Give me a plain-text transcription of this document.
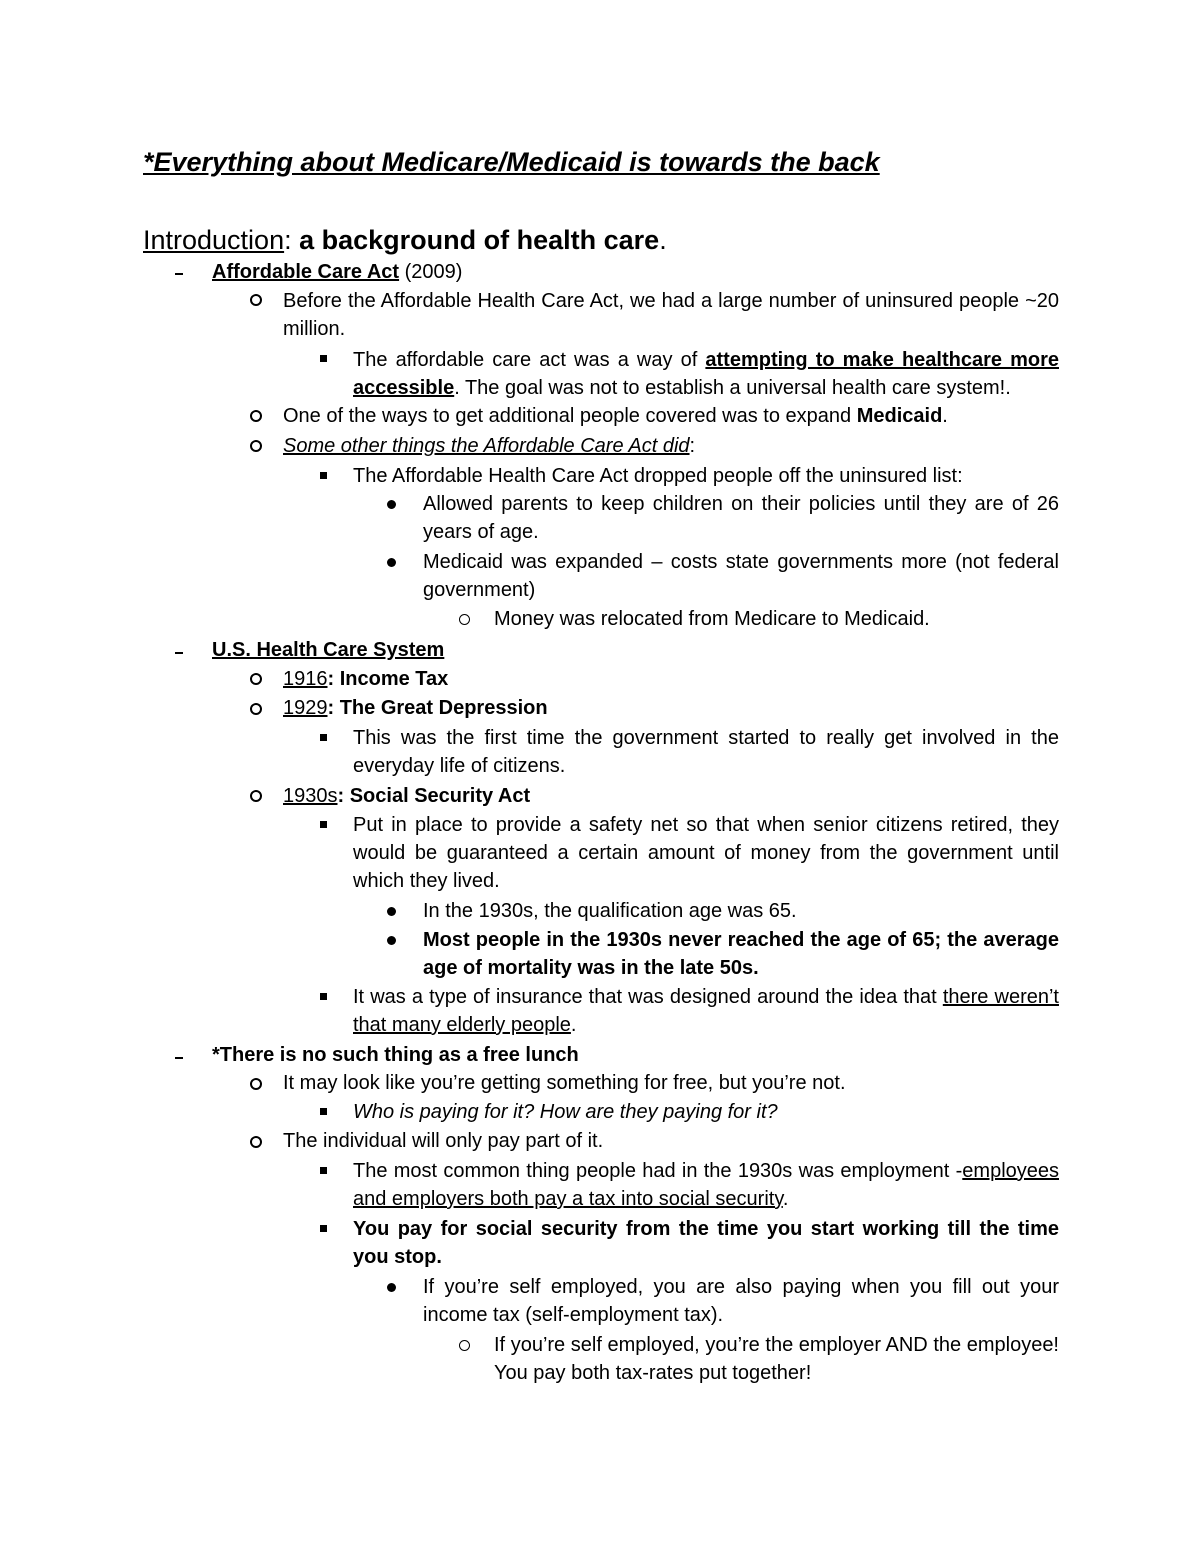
*Everything about Medicare/Medicaid is towards the back
Introduction: a background of health care.
Affordable Care Act (2009)
Before the Affordable Health Care Act, we had a large number of uninsured people ~20 million.
The affordable care act was a way of attempting to make healthcare more accessible. The goal was not to establish a universal health care system!.
One of the ways to get additional people covered was to expand Medicaid.
Some other things the Affordable Care Act did:
The Affordable Health Care Act dropped people off the uninsured list:
Allowed parents to keep children on their policies until they are of 26 years of age.
Medicaid was expanded – costs state governments more (not federal government)
Money was relocated from Medicare to Medicaid.
U.S. Health Care System
1916: Income Tax
1929: The Great Depression
This was the first time the government started to really get involved in the everyday life of citizens.
1930s: Social Security Act
Put in place to provide a safety net so that when senior citizens retired, they would be guaranteed a certain amount of money from the government until which they lived.
In the 1930s, the qualification age was 65.
Most people in the 1930s never reached the age of 65; the average age of mortality was in the late 50s.
It was a type of insurance that was designed around the idea that there weren’t that many elderly people.
*There is no such thing as a free lunch
It may look like you’re getting something for free, but you’re not.
Who is paying for it? How are they paying for it?
The individual will only pay part of it.
The most common thing people had in the 1930s was employment -employees and employers both pay a tax into social security.
You pay for social security from the time you start working till the time you stop.
If you’re self employed, you are also paying when you fill out your income tax (self-employment tax).
If you’re self employed, you’re the employer AND the employee! You pay both tax-rates put together!
